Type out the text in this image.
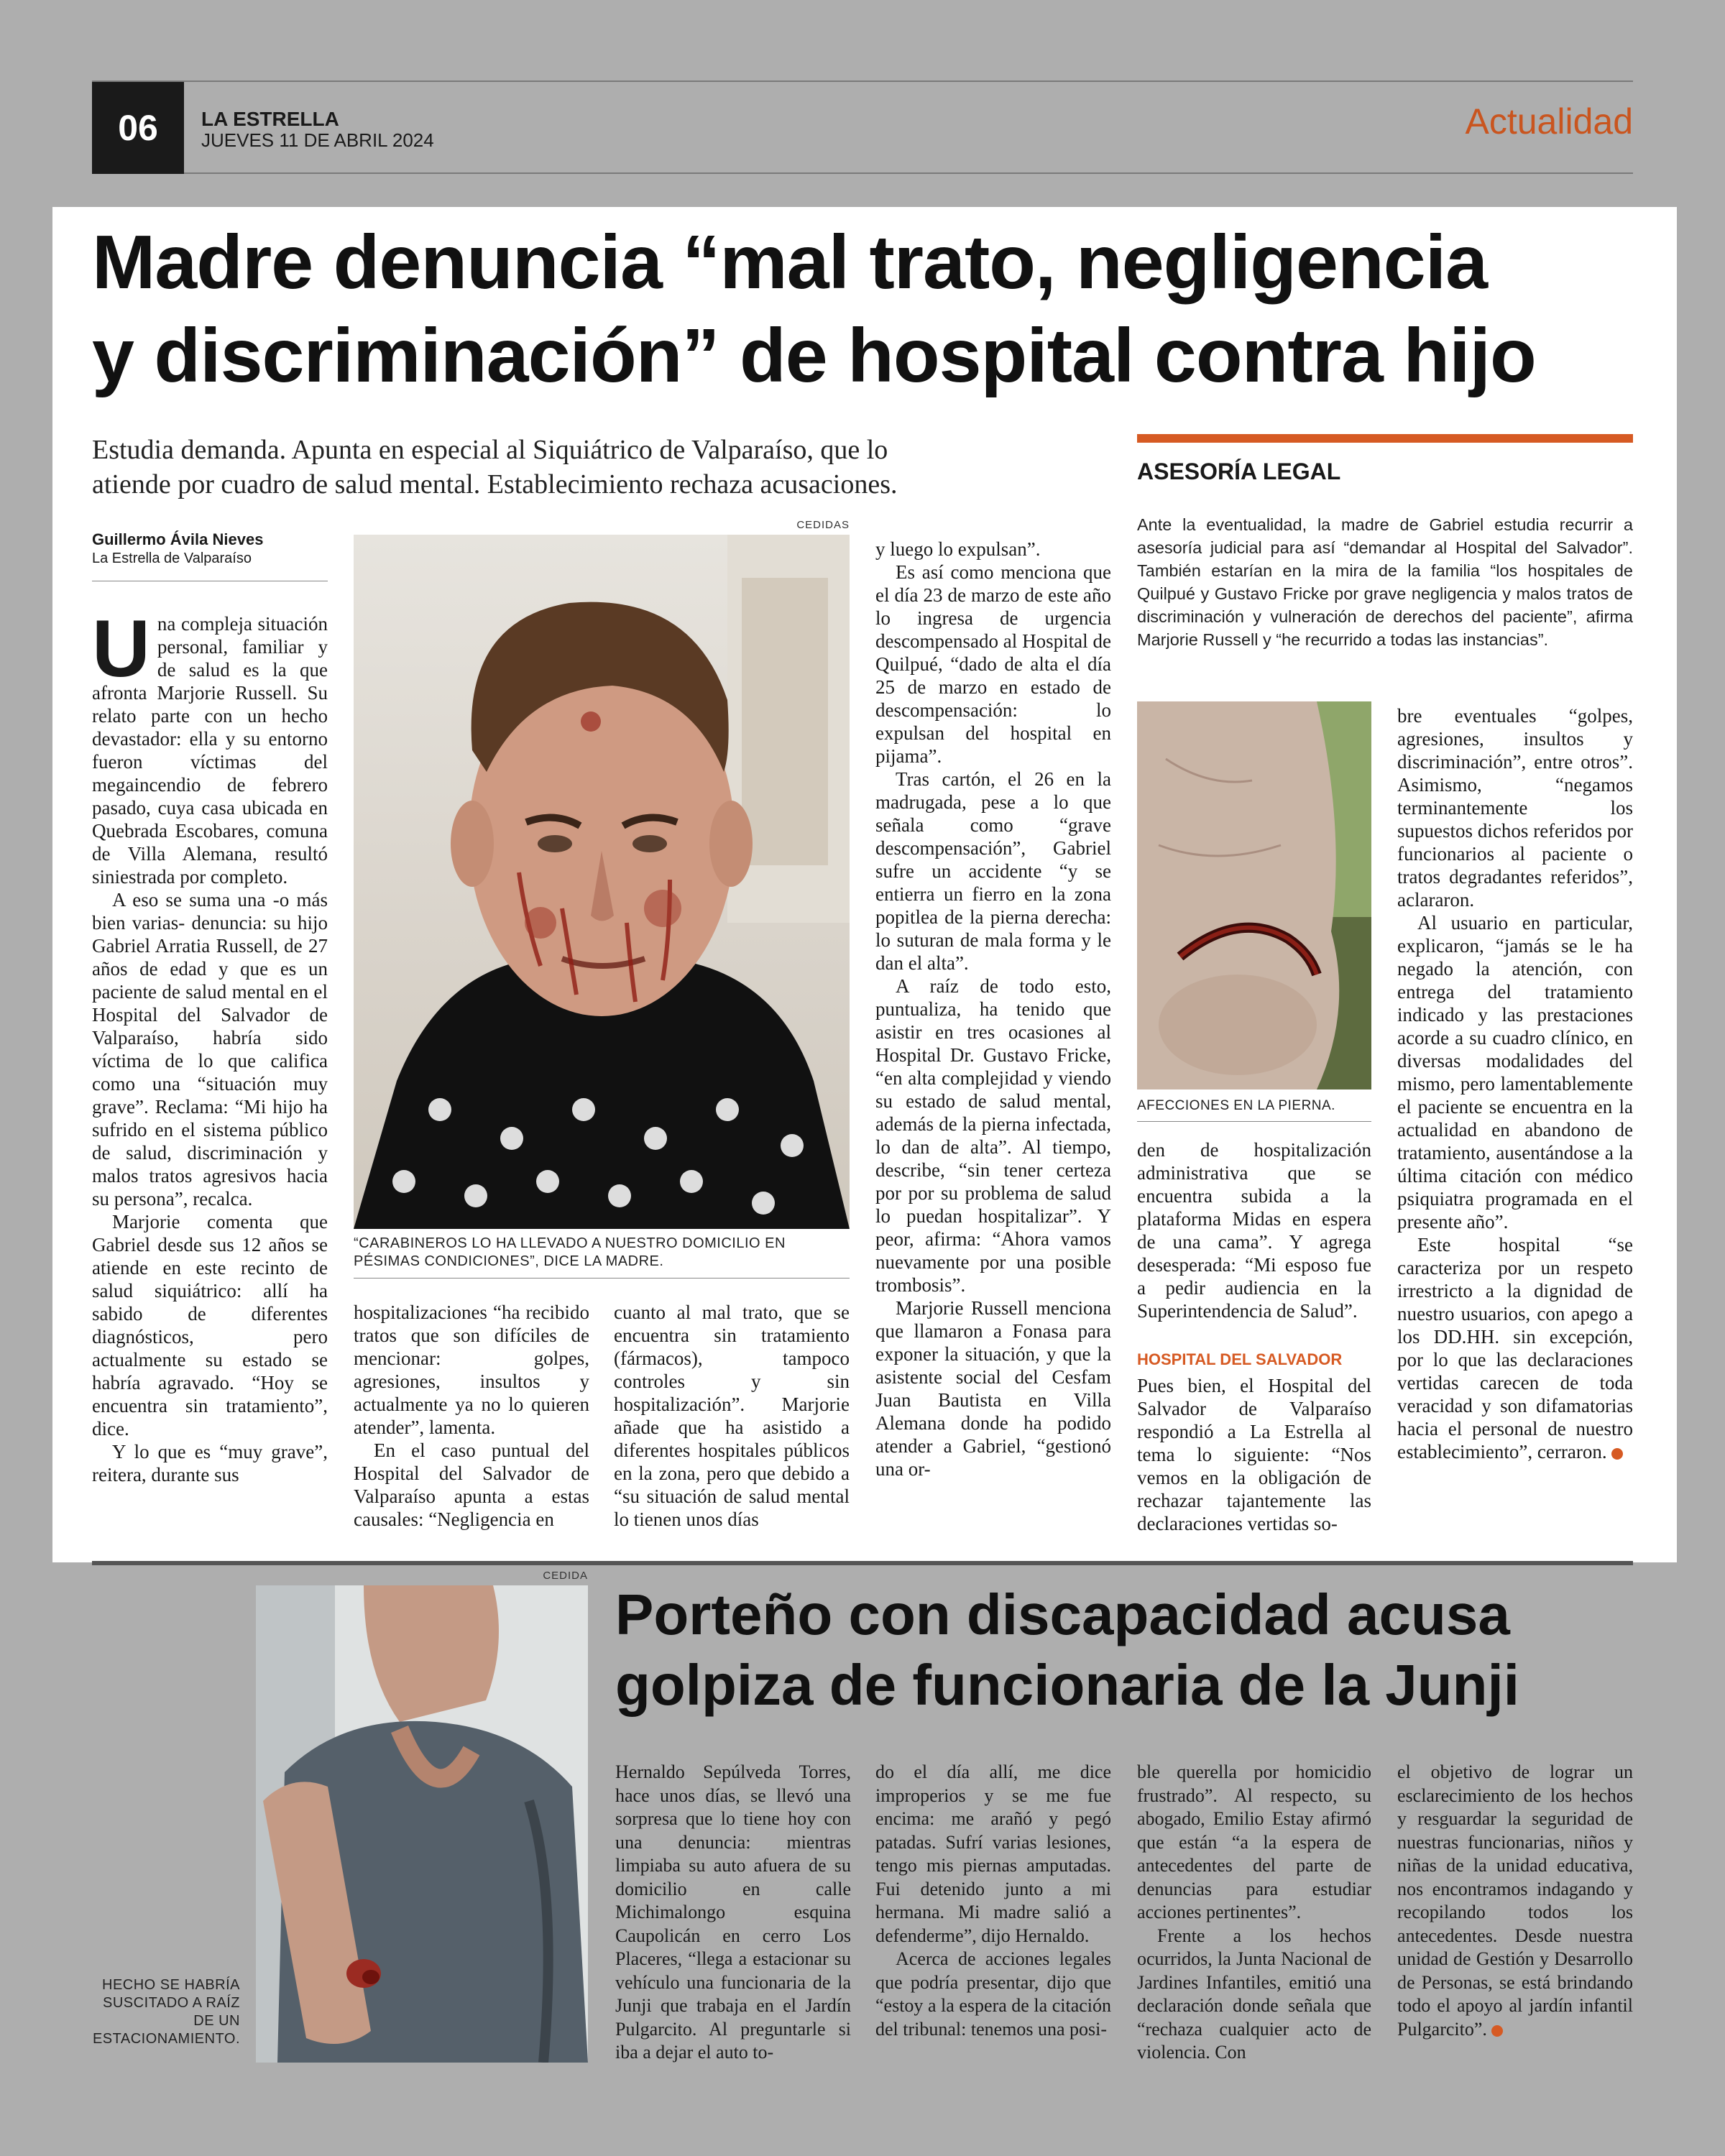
06 LA ESTRELLA
JUEVES 11 DE ABRIL 2024	Actualidad
Madre denuncia “mal trato, negligencia
y discriminación” de hospital contra hijo
Estudia demanda. Apunta en especial al Siquiátrico de Valparaíso, que lo
atiende por cuadro de salud mental. Establecimiento rechaza acusaciones.
Guillermo Ávila Nieves
La Estrella de Valparaíso

Una compleja situación personal, familiar y de salud es la que afronta Marjorie Russell. Su relato parte con un hecho devastador: ella y su entorno fueron víctimas del megaincendio de febrero pasado, cuya casa ubicada en Quebrada Escobares, comuna de Villa Alemana, resultó siniestrada por completo.

A eso se suma una -o más bien varias- denuncia: su hijo Gabriel Arratia Russell, de 27 años de edad y que es un paciente de salud mental en el Hospital del Salvador de Valparaíso, habría sido víctima de lo que califica como una “situación muy grave”. Reclama: “Mi hijo ha sufrido en el sistema público de salud, discriminación y malos tratos agresivos hacia su persona”, recalca.

Marjorie comenta que Gabriel desde sus 12 años se atiende en este recinto de salud siquiátrico: allí ha sabido de diferentes diagnósticos, pero actualmente su estado se habría agravado. “Hoy se encuentra sin tratamiento”, dice.

Y lo que es “muy grave”, reitera, durante sus

CEDIDAS
“CARABINEROS LO HA LLEVADO A NUESTRO DOMICILIO EN PÉSIMAS CONDICIONES”, DICE LA MADRE.

hospitalizaciones “ha recibido tratos que son difíciles de mencionar: golpes, agresiones, insultos y actualmente ya no lo quieren atender”, lamenta.

En el caso puntual del Hospital del Salvador de Valparaíso apunta a estas causales: “Negligencia en

cuanto al mal trato, que se encuentra sin tratamiento (fármacos), tampoco controles y sin hospitalización”. Marjorie añade que ha asistido a diferentes hospitales públicos en la zona, pero que debido a “su situación de salud mental lo tienen unos días

y luego lo expulsan”.

Es así como menciona que el día 23 de marzo de este año lo ingresa de urgencia descompensado al Hospital de Quilpué, “dado de alta el día 25 de marzo en estado de descompensación: lo expulsan del hospital en pijama”.

Tras cartón, el 26 en la madrugada, pese a lo que señala como “grave descompensación”, Gabriel sufre un accidente “y se entierra un fierro en la zona popitlea de la pierna derecha: lo suturan de mala forma y le dan el alta”.

A raíz de todo esto, puntualiza, ha tenido que asistir en tres ocasiones al Hospital Dr. Gustavo Fricke, “en alta complejidad y viendo su estado de salud mental, además de la pierna infectada, lo dan de alta”. Al tiempo, describe, “sin tener certeza por por su problema de salud lo puedan hospitalizar”. Y peor, afirma: “Ahora vamos nuevamente por una posible trombosis”.

Marjorie Russell menciona que llamaron a Fonasa para exponer la situación, y que la asistente social del Cesfam Juan Bautista en Villa Alemana donde ha podido atender a Gabriel, “gestionó una or-

ASESORÍA LEGAL
Ante la eventualidad, la madre de Gabriel estudia recurrir a asesoría judicial para así “demandar al Hospital del Salvador”. También estarían en la mira de la familia “los hospitales de Quilpué y Gustavo Fricke por grave negligencia y malos tratos de discriminación y vulneración de derechos del paciente”, afirma Marjorie Russell y “he recurrido a todas las instancias”.
AFECCIONES EN LA PIERNA.

den de hospitalización administrativa que se encuentra subida a la plataforma Midas en espera de una cama”. Y agrega desesperada: “Mi esposo fue a pedir audiencia en la Superintendencia de Salud”.

HOSPITAL DEL SALVADOR

Pues bien, el Hospital del Salvador de Valparaíso respondió a La Estrella al tema lo siguiente: “Nos vemos en la obligación de rechazar tajantemente las declaraciones vertidas so-

bre eventuales “golpes, agresiones, insultos y discriminación”, entre otros”. Asimismo, “negamos terminantemente los supuestos dichos referidos por funcionarios al paciente o tratos degradantes referidos”, aclararon.

Al usuario en particular, explicaron, “jamás se le ha negado la atención, con entrega del tratamiento indicado y las prestaciones acorde a su cuadro clínico, en diversas modalidades del mismo, pero lamentablemente el paciente se encuentra en la actualidad en abandono de tratamiento, ausentándose a la última citación con médico psiquiatra programada en el presente año”.

Este hospital “se caracteriza por un respeto irrestricto a la dignidad de nuestro usuarios, con apego a los DD.HH. sin excepción, por lo que las declaraciones vertidas carecen de toda veracidad y son difamatorias hacia el personal de nuestro establecimiento”, cerraron.

CEDIDA
HECHO SE HABRÍA SUSCITADO A RAÍZ DE UN ESTACIONAMIENTO.
Porteño con discapacidad acusa
golpiza de funcionaria de la Junji

Hernaldo Sepúlveda Torres, hace unos días, se llevó una sorpresa que lo tiene hoy con una denuncia: mientras limpiaba su auto afuera de su domicilio en calle Michimalongo esquina Caupolicán en cerro Los Placeres, “llega a estacionar su vehículo una funcionaria de la Junji que trabaja en el Jardín Pulgarcito. Al preguntarle si iba a dejar el auto to-

do el día allí, me dice improperios y se me fue encima: me arañó y pegó patadas. Sufrí varias lesiones, tengo mis piernas amputadas. Fui detenido junto a mi hermana. Mi madre salió a defenderme”, dijo Hernaldo.

Acerca de acciones legales que podría presentar, dijo que “estoy a la espera de la citación del tribunal: tenemos una posi-

ble querella por homicidio frustrado”. Al respecto, su abogado, Emilio Estay afirmó que están “a la espera de antecedentes del parte de denuncias para estudiar acciones pertinentes”.

Frente a los hechos ocurridos, la Junta Nacional de Jardines Infantiles, emitió una declaración donde señala que “rechaza cualquier acto de violencia. Con

el objetivo de lograr un esclarecimiento de los hechos y resguardar la seguridad de nuestras funcionarias, niños y niñas de la unidad educativa, nos encontramos indagando y recopilando todos los antecedentes. Desde nuestra unidad de Gestión y Desarrollo de Personas, se está brindando todo el apoyo al jardín infantil Pulgarcito”.
